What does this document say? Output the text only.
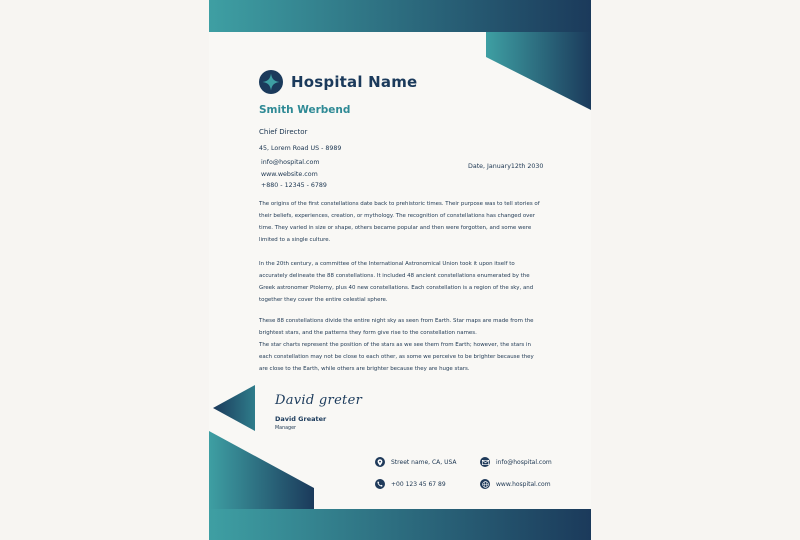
Hospital Name
Smith Werbend
Chief Director
45, Lorem Road US - 8989
info@hospital.com
www.website.com
+880 - 12345 - 6789
Date, January12th 2030
The origins of the first constellations date back to prehistoric times. Their purpose was to tell stories of their beliefs, experiences, creation, or mythology. The recognition of constellations has changed over time. They varied in size or shape, others became popular and then were forgotten, and some were limited to a single culture.
In the 20th century, a committee of the International Astronomical Union took it upon itself to accurately delineate the 88 constellations. It included 48 ancient constellations enumerated by the Greek astronomer Ptolemy, plus 40 new constellations. Each constellation is a region of the sky, and together they cover the entire celestial sphere.
These 88 constellations divide the entire night sky as seen from Earth. Star maps are made from the brightest stars, and the patterns they form give rise to the constellation names.
The star charts represent the position of the stars as we see them from Earth; however, the stars in each constellation may not be close to each other, as some we perceive to be brighter because they are close to the Earth, while others are brighter because they are huge stars.
David greter
David Greater
Manager
Street name, CA, USA	info@hospital.com
+00 123 45 67 89	www.hospital.com
